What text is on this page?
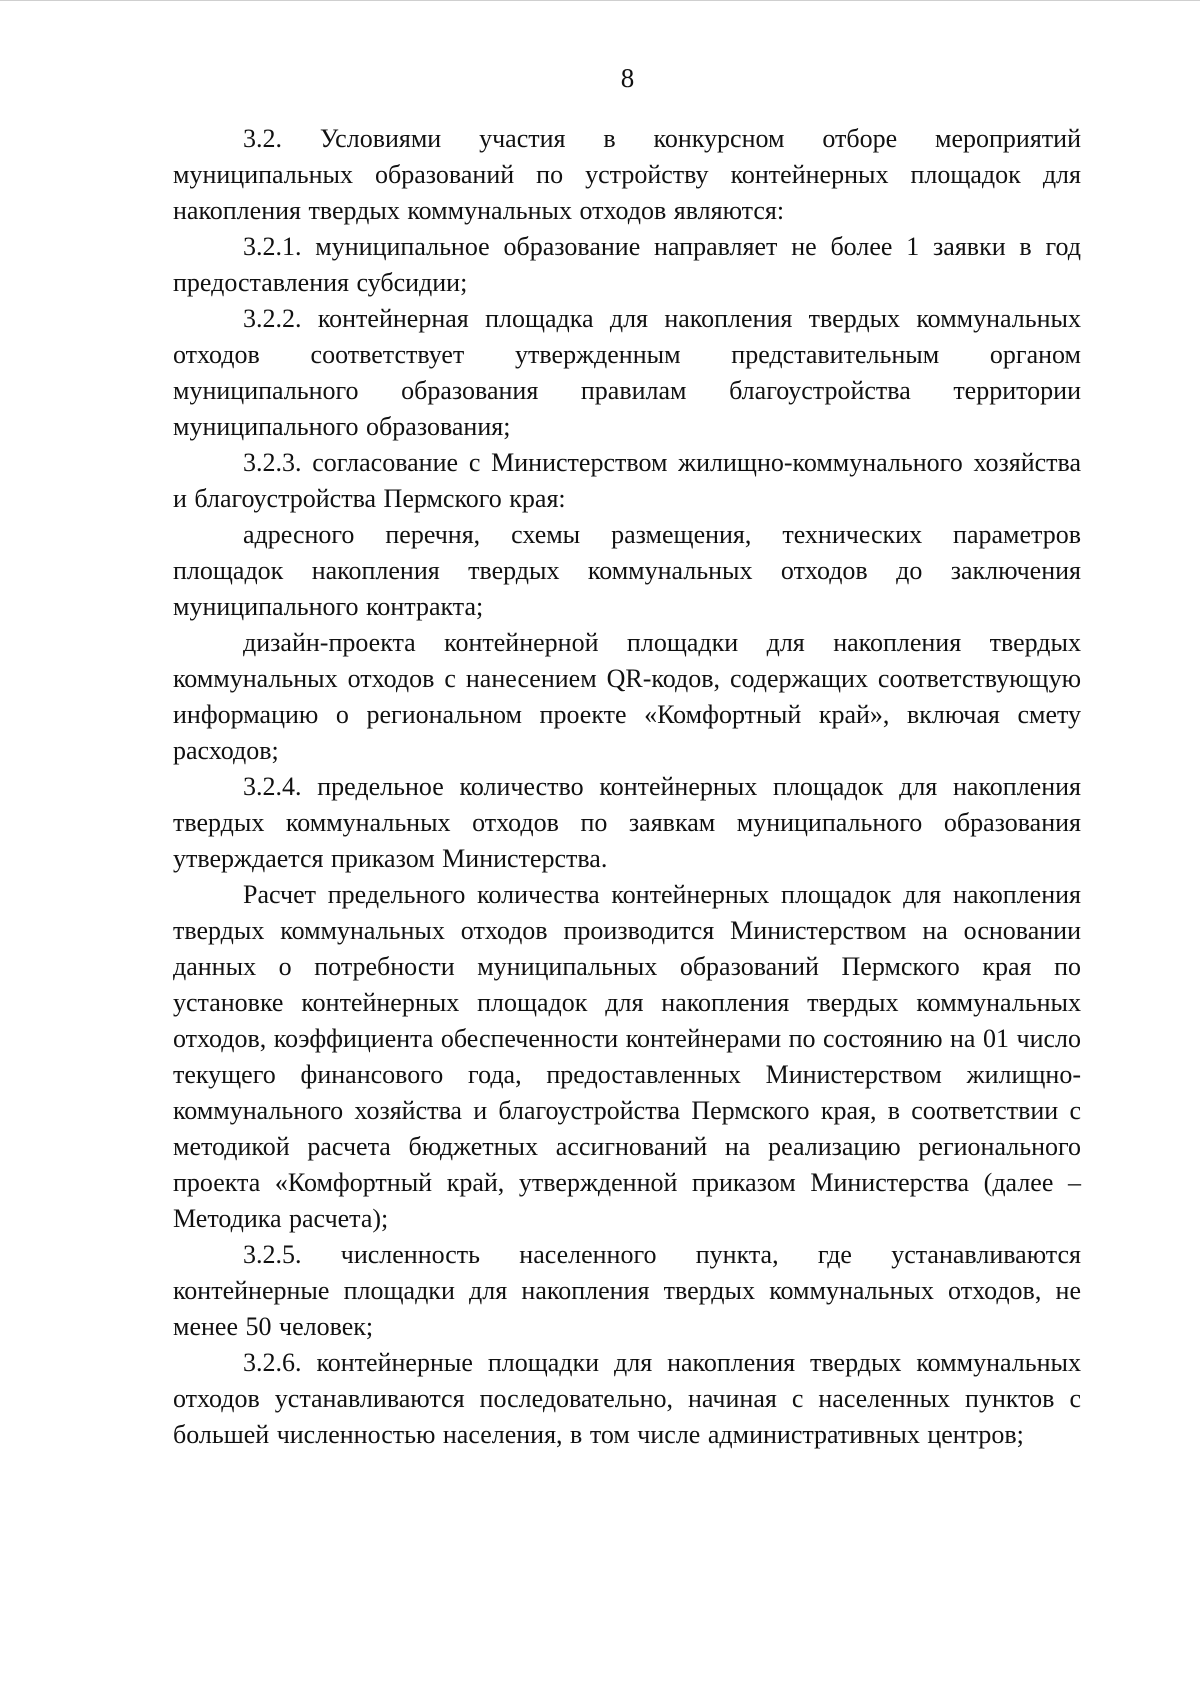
8

3.2. Условиями участия в конкурсном отборе мероприятий муниципальных образований по устройству контейнерных площадок для накопления твердых коммунальных отходов являются:

3.2.1. муниципальное образование направляет не более 1 заявки в год предоставления субсидии;

3.2.2. контейнерная площадка для накопления твердых коммунальных отходов соответствует утвержденным представительным органом муниципального образования правилам благоустройства территории муниципального образования;

3.2.3. согласование с Министерством жилищно-коммунального хозяйства и благоустройства Пермского края:

адресного перечня, схемы размещения, технических параметров площадок накопления твердых коммунальных отходов до заключения муниципального контракта;

дизайн-проекта контейнерной площадки для накопления твердых коммунальных отходов с нанесением QR-кодов, содержащих соответствующую информацию о региональном проекте «Комфортный край», включая смету расходов;

3.2.4. предельное количество контейнерных площадок для накопления твердых коммунальных отходов по заявкам муниципального образования утверждается приказом Министерства.

Расчет предельного количества контейнерных площадок для накопления твердых коммунальных отходов производится Министерством на основании данных о потребности муниципальных образований Пермского края по установке контейнерных площадок для накопления твердых коммунальных отходов, коэффициента обеспеченности контейнерами по состоянию на 01 число текущего финансового года, предоставленных Министерством жилищно-коммунального хозяйства и благоустройства Пермского края, в соответствии с методикой расчета бюджетных ассигнований на реализацию регионального проекта «Комфортный край, утвержденной приказом Министерства (далее – Методика расчета);

3.2.5. численность населенного пункта, где устанавливаются контейнерные площадки для накопления твердых коммунальных отходов, не менее 50 человек;

3.2.6. контейнерные площадки для накопления твердых коммунальных отходов устанавливаются последовательно, начиная с населенных пунктов с большей численностью населения, в том числе административных центров;
